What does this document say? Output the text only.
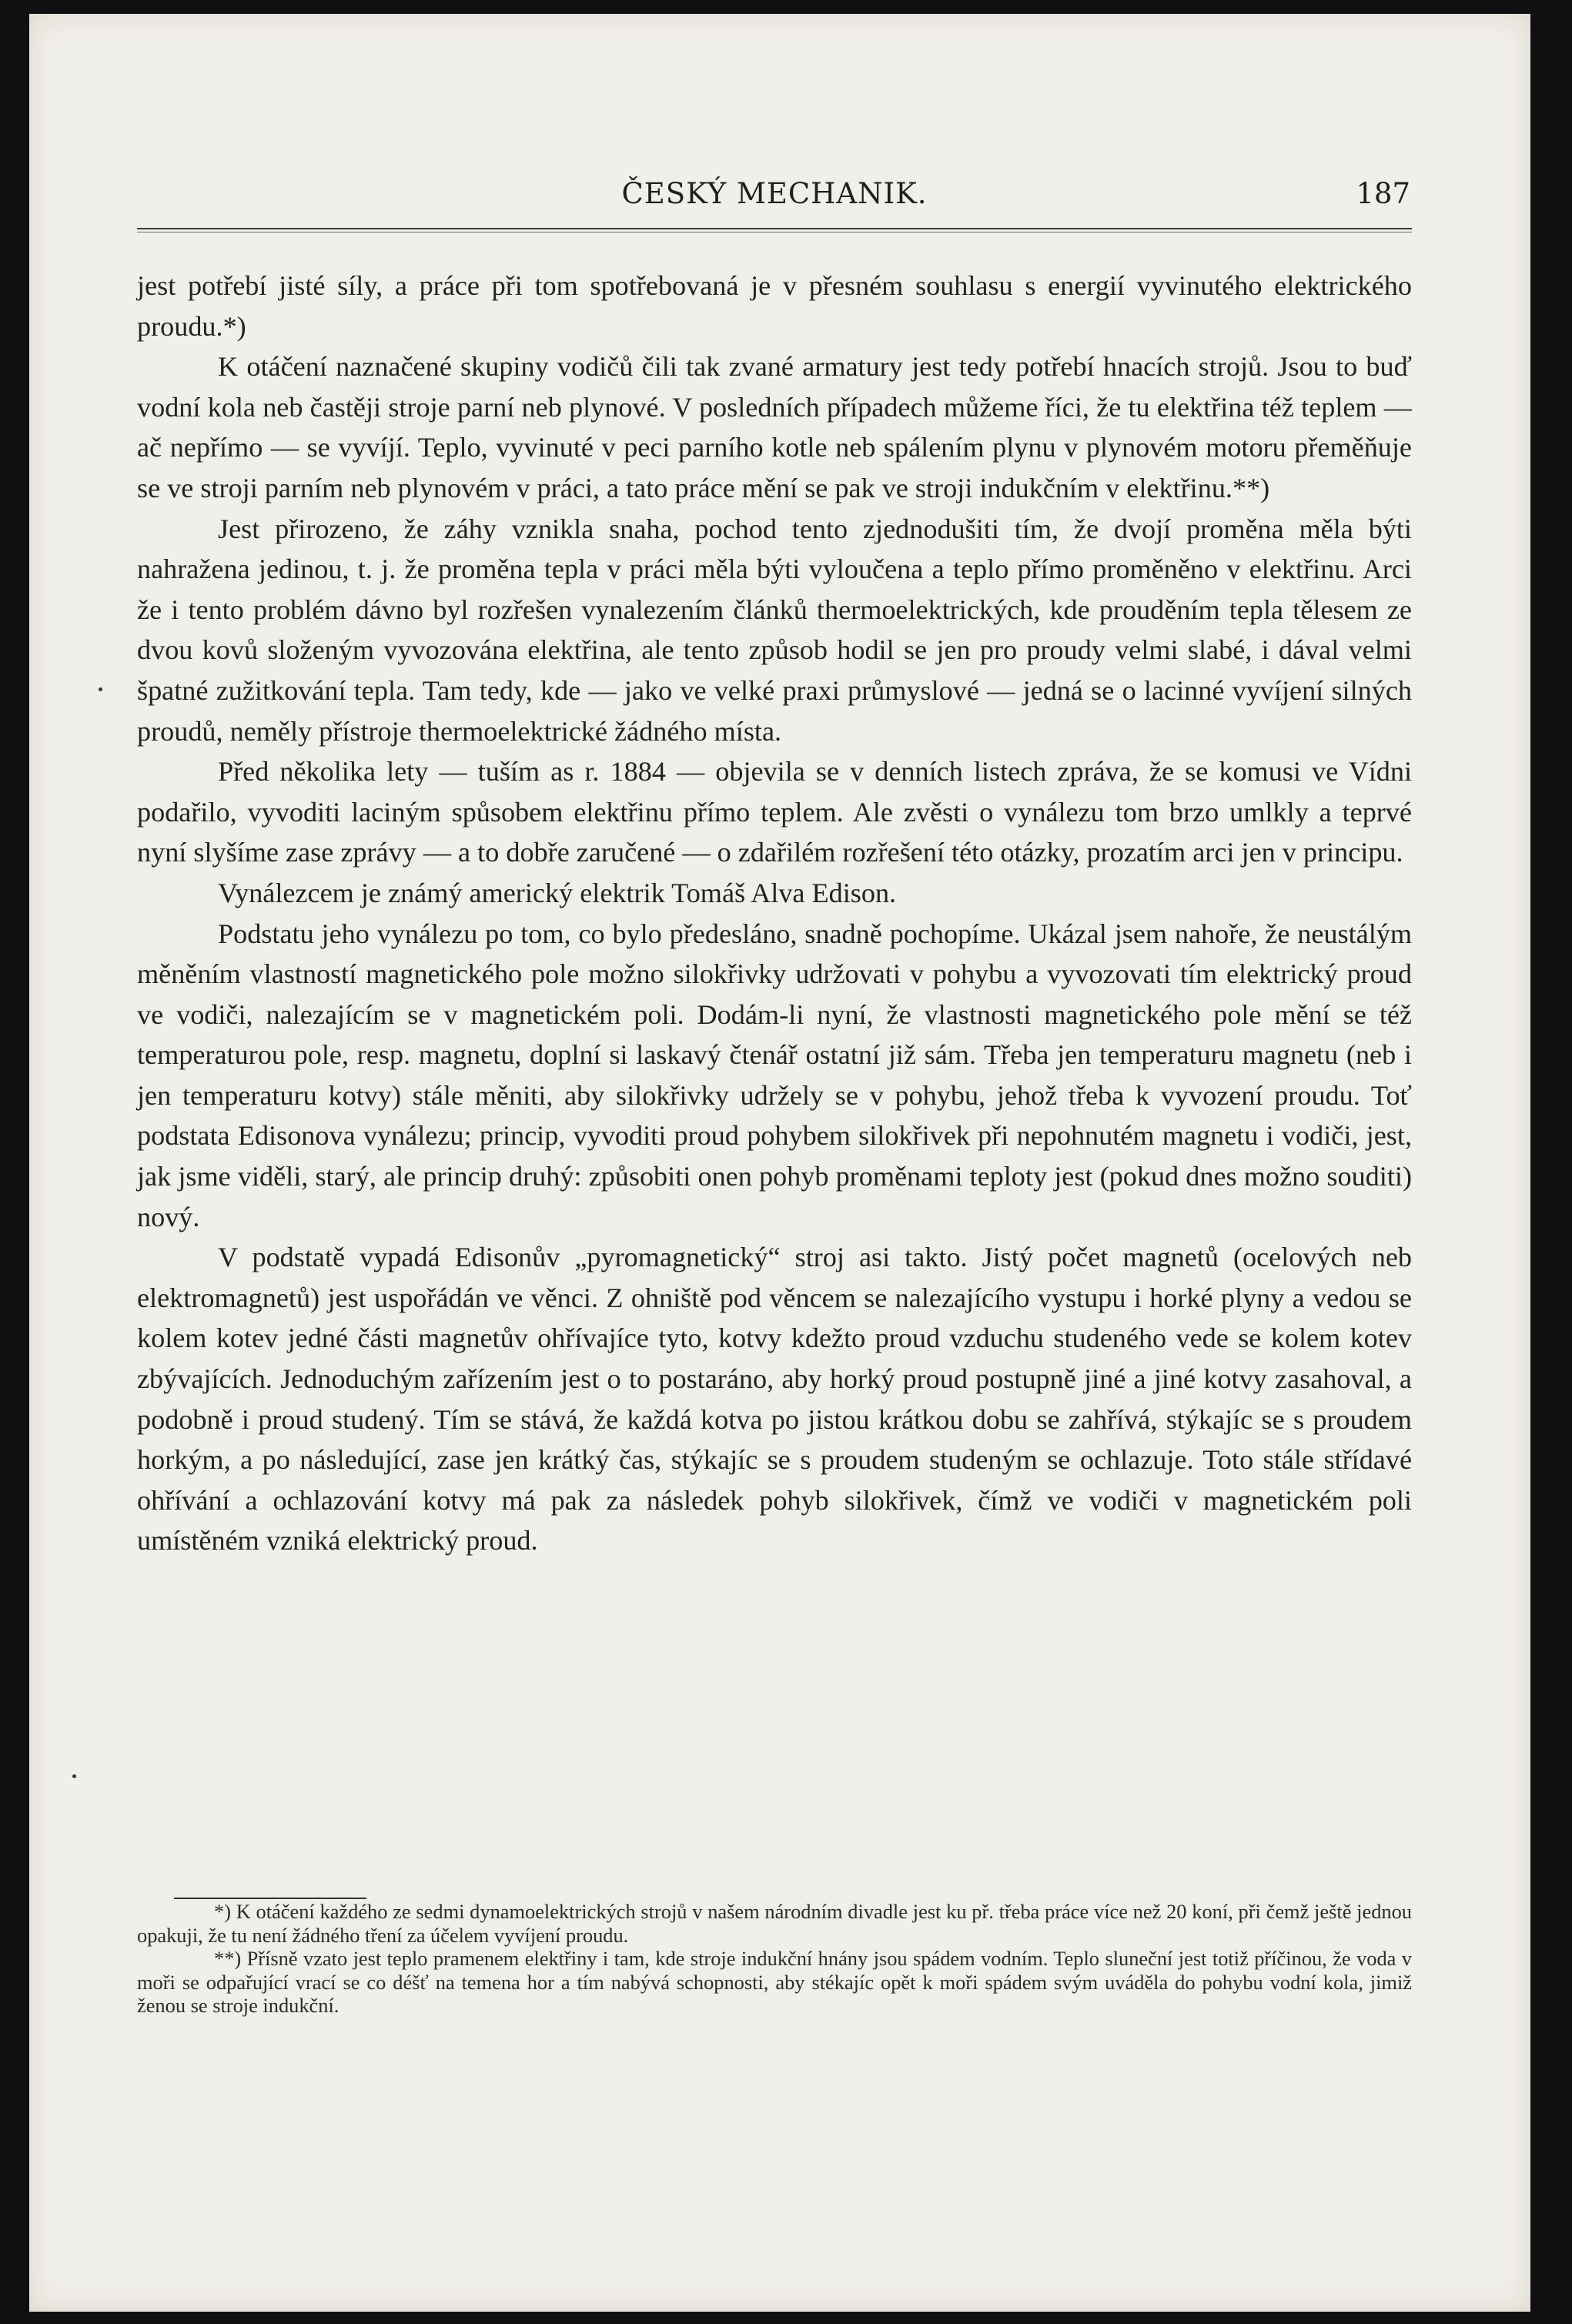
ČESKÝ MECHANIK.	187

jest potřebí jisté síly, a práce při tom spotřebovaná je v přesném souhlasu s energií vyvinutého elektrického proudu.*)

K otáčení naznačené skupiny vodičů čili tak zvané armatury jest tedy potřebí hnacích strojů. Jsou to buď vodní kola neb častěji stroje parní neb plynové. V posledních případech můžeme říci, že tu elektřina též teplem — ač nepřímo — se vyvíjí. Teplo, vyvinuté v peci parního kotle neb spálením plynu v plynovém motoru přeměňuje se ve stroji parním neb plynovém v práci, a tato práce mění se pak ve stroji indukčním v elektřinu.**)

Jest přirozeno, že záhy vznikla snaha, pochod tento zjednodušiti tím, že dvojí proměna měla býti nahražena jedinou, t. j. že proměna tepla v práci měla býti vyloučena a teplo přímo proměněno v elektřinu. Arci že i tento problém dávno byl rozřešen vynalezením článků thermoelektrických, kde prouděním tepla tělesem ze dvou kovů složeným vyvozována elektřina, ale tento způsob hodil se jen pro proudy velmi slabé, i dával velmi špatné zužitkování tepla. Tam tedy, kde — jako ve velké praxi průmyslové — jedná se o lacinné vyvíjení silných proudů, neměly přístroje thermoelektrické žádného místa.

Před několika lety — tuším as r. 1884 — objevila se v denních listech zpráva, že se komusi ve Vídni podařilo, vyvoditi laciným spůsobem elektřinu přímo teplem. Ale zvěsti o vynálezu tom brzo umlkly a teprvé nyní slyšíme zase zprávy — a to dobře zaručené — o zdařilém rozřešení této otázky, prozatím arci jen v principu.

Vynálezcem je známý americký elektrik Tomáš Alva Edison.

Podstatu jeho vynálezu po tom, co bylo předesláno, snadně pochopíme. Ukázal jsem nahoře, že neustálým měněním vlastností magnetického pole možno silokřivky udržovati v pohybu a vyvozovati tím elektrický proud ve vodiči, nalezajícím se v magnetickém poli. Dodám-li nyní, že vlastnosti magnetického pole mění se též temperaturou pole, resp. magnetu, doplní si laskavý čtenář ostatní již sám. Třeba jen temperaturu magnetu (neb i jen temperaturu kotvy) stále měniti, aby silokřivky udržely se v pohybu, jehož třeba k vyvození proudu. Toť podstata Edisonova vynálezu; princip, vyvoditi proud pohybem silokřivek při nepohnutém magnetu i vodiči, jest, jak jsme viděli, starý, ale princip druhý: způsobiti onen pohyb proměnami teploty jest (pokud dnes možno souditi) nový.

V podstatě vypadá Edisonův „pyromagnetický“ stroj asi takto. Jistý počet magnetů (ocelových neb elektromagnetů) jest uspořádán ve věnci. Z ohniště pod věncem se nalezajícího vystupu i horké plyny a vedou se kolem kotev jedné části magnetův ohřívajíce tyto, kotvy kdežto proud vzduchu studeného vede se kolem kotev zbývajících. Jednoduchým zařízením jest o to postaráno, aby horký proud postupně jiné a jiné kotvy zasahoval, a podobně i proud studený. Tím se stává, že každá kotva po jistou krátkou dobu se zahřívá, stýkajíc se s proudem horkým, a po následující, zase jen krátký čas, stýkajíc se s proudem studeným se ochlazuje. Toto stále střídavé ohřívání a ochlazování kotvy má pak za následek pohyb silokřivek, čímž ve vodiči v magnetickém poli umístěném vzniká elektrický proud.

*) K otáčení každého ze sedmi dynamoelektrických strojů v našem národním divadle jest ku př. třeba práce více než 20 koní, při čemž ještě jednou opakuji, že tu není žádného tření za účelem vyvíjení proudu.

**) Přísně vzato jest teplo pramenem elektřiny i tam, kde stroje indukční hnány jsou spádem vodním. Teplo sluneční jest totiž příčinou, že voda v moři se odpařující vrací se co déšť na temena hor a tím nabývá schopnosti, aby stékajíc opět k moři spádem svým uváděla do pohybu vodní kola, jimiž ženou se stroje indukční.
